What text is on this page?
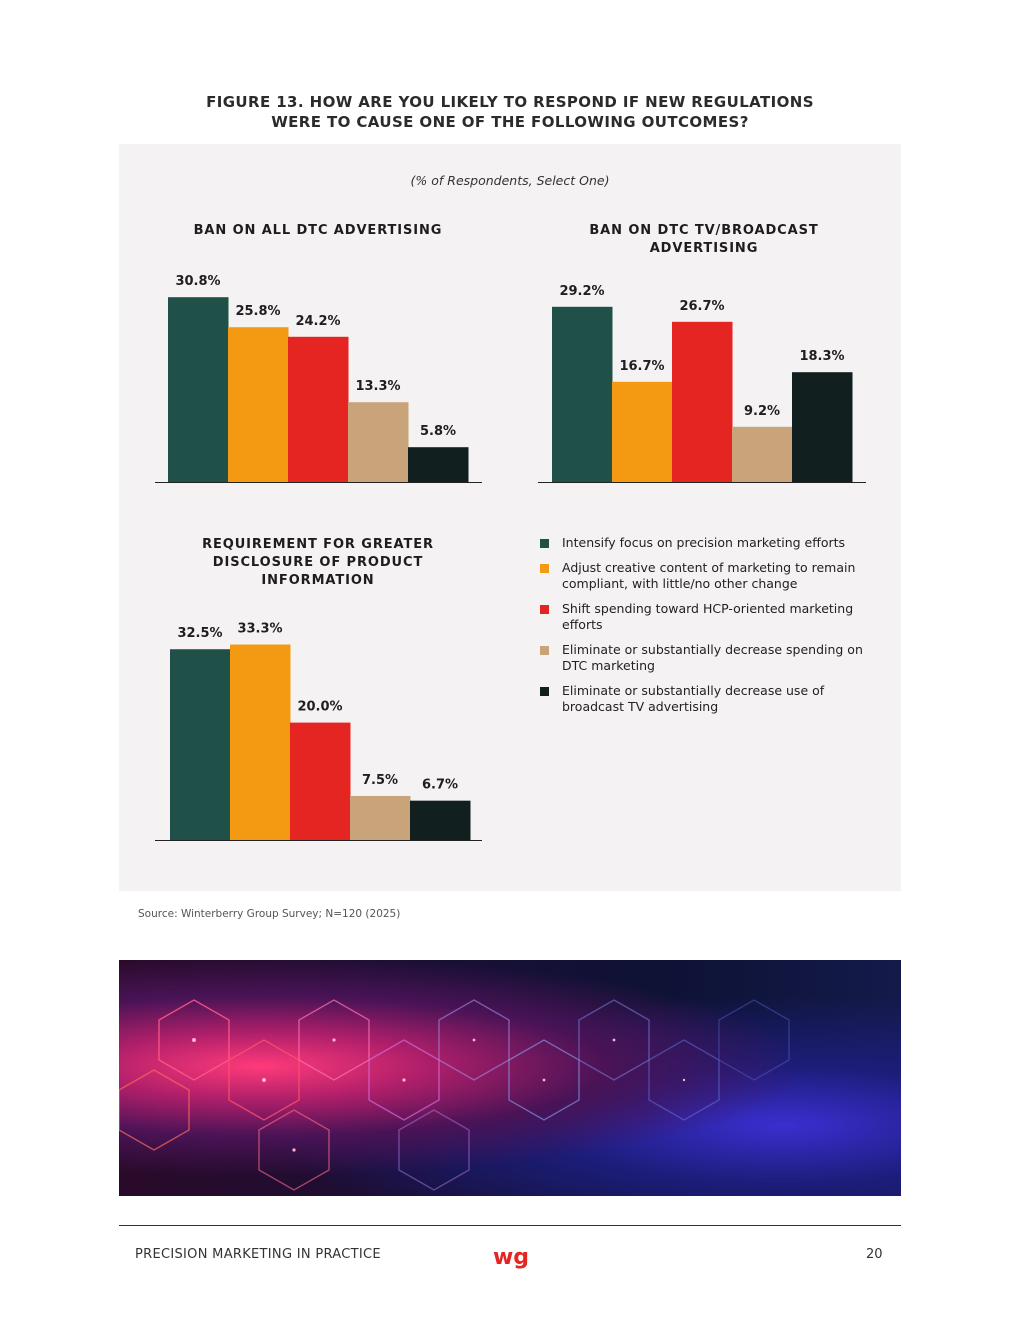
FIGURE 13. HOW ARE YOU LIKELY TO RESPOND IF NEW REGULATIONS
WERE TO CAUSE ONE OF THE FOLLOWING OUTCOMES?
(% of Respondents, Select One)
BAN ON ALL DTC ADVERTISING	BAN ON DTC TV/BROADCAST ADVERTISING
REQUIREMENT FOR GREATER DISCLOSURE OF PRODUCT INFORMATION
30.8%
25.8%
24.2%
13.3%
5.8%
29.2%
16.7%
26.7%
9.2%
18.3%
32.5% 33.3%
20.0%
7.5% 6.7%
Intensify focus on precision marketing efforts
Adjust creative content of marketing to remain compliant, with little/no other change
Shift spending toward HCP-oriented marketing efforts
Eliminate or substantially decrease spending on DTC marketing
Eliminate or substantially decrease use of broadcast TV advertising
Source: Winterberry Group Survey; N=120 (2025)
PRECISION MARKETING IN PRACTICE	wg	20
